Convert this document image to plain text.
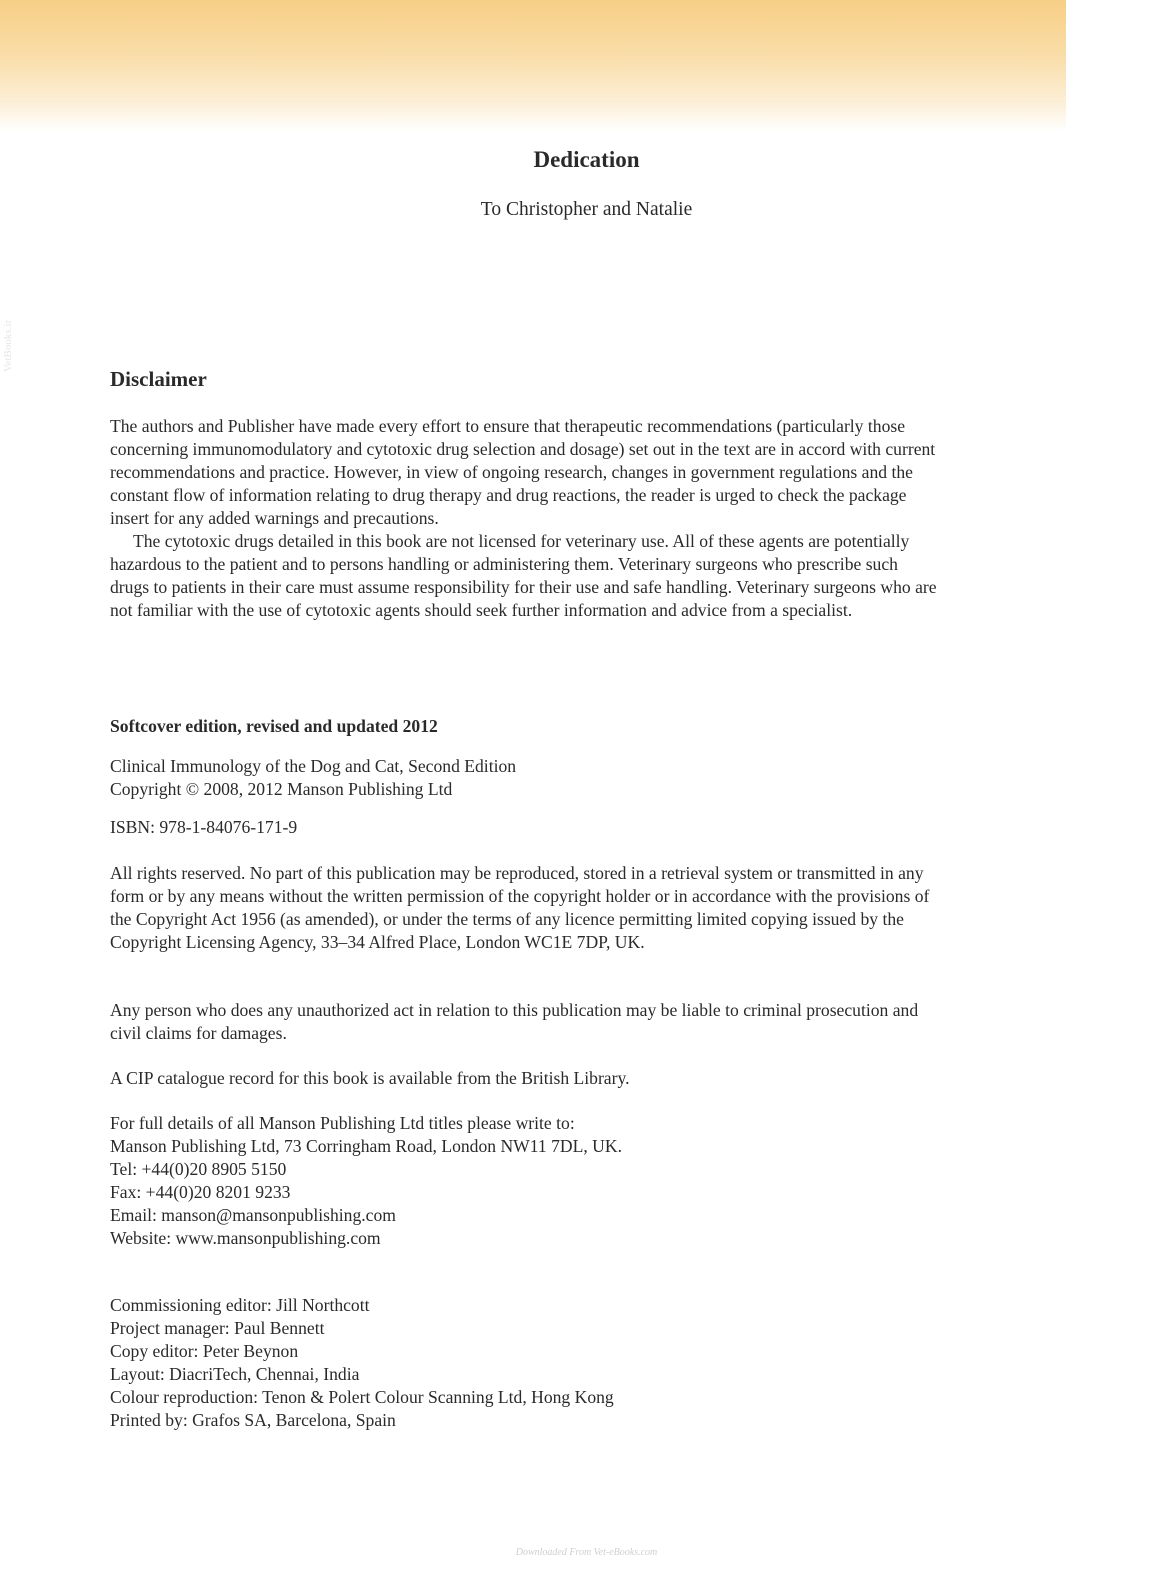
VetBooks.ir
Dedication

To Christopher and Natalie

Disclaimer

The authors and Publisher have made every effort to ensure that therapeutic recommendations (particularly those concerning immunomodulatory and cytotoxic drug selection and dosage) set out in the text are in accord with current recommendations and practice. However, in view of ongoing research, changes in government regulations and the constant flow of information relating to drug therapy and drug reactions, the reader is urged to check the package insert for any added warnings and precautions.

The cytotoxic drugs detailed in this book are not licensed for veterinary use. All of these agents are potentially hazardous to the patient and to persons handling or administering them. Veterinary surgeons who prescribe such drugs to patients in their care must assume responsibility for their use and safe handling. Veterinary surgeons who are not familiar with the use of cytotoxic agents should seek further information and advice from a specialist.

Softcover edition, revised and updated 2012

Clinical Immunology of the Dog and Cat, Second Edition

Copyright © 2008, 2012 Manson Publishing Ltd

ISBN: 978-1-84076-171-9

All rights reserved. No part of this publication may be reproduced, stored in a retrieval system or transmitted in any form or by any means without the written permission of the copyright holder or in accordance with the provisions of the Copyright Act 1956 (as amended), or under the terms of any licence permitting limited copying issued by the Copyright Licensing Agency, 33–34 Alfred Place, London WC1E 7DP, UK.

Any person who does any unauthorized act in relation to this publication may be liable to criminal prosecution and civil claims for damages.

A CIP catalogue record for this book is available from the British Library.

For full details of all Manson Publishing Ltd titles please write to:

Manson Publishing Ltd, 73 Corringham Road, London NW11 7DL, UK.

Tel: +44(0)20 8905 5150

Fax: +44(0)20 8201 9233

Email: manson@mansonpublishing.com

Website: www.mansonpublishing.com

Commissioning editor: Jill Northcott

Project manager: Paul Bennett

Copy editor: Peter Beynon

Layout: DiacriTech, Chennai, India

Colour reproduction: Tenon & Polert Colour Scanning Ltd, Hong Kong

Printed by: Grafos SA, Barcelona, Spain

Downloaded From Vet-eBooks.com
